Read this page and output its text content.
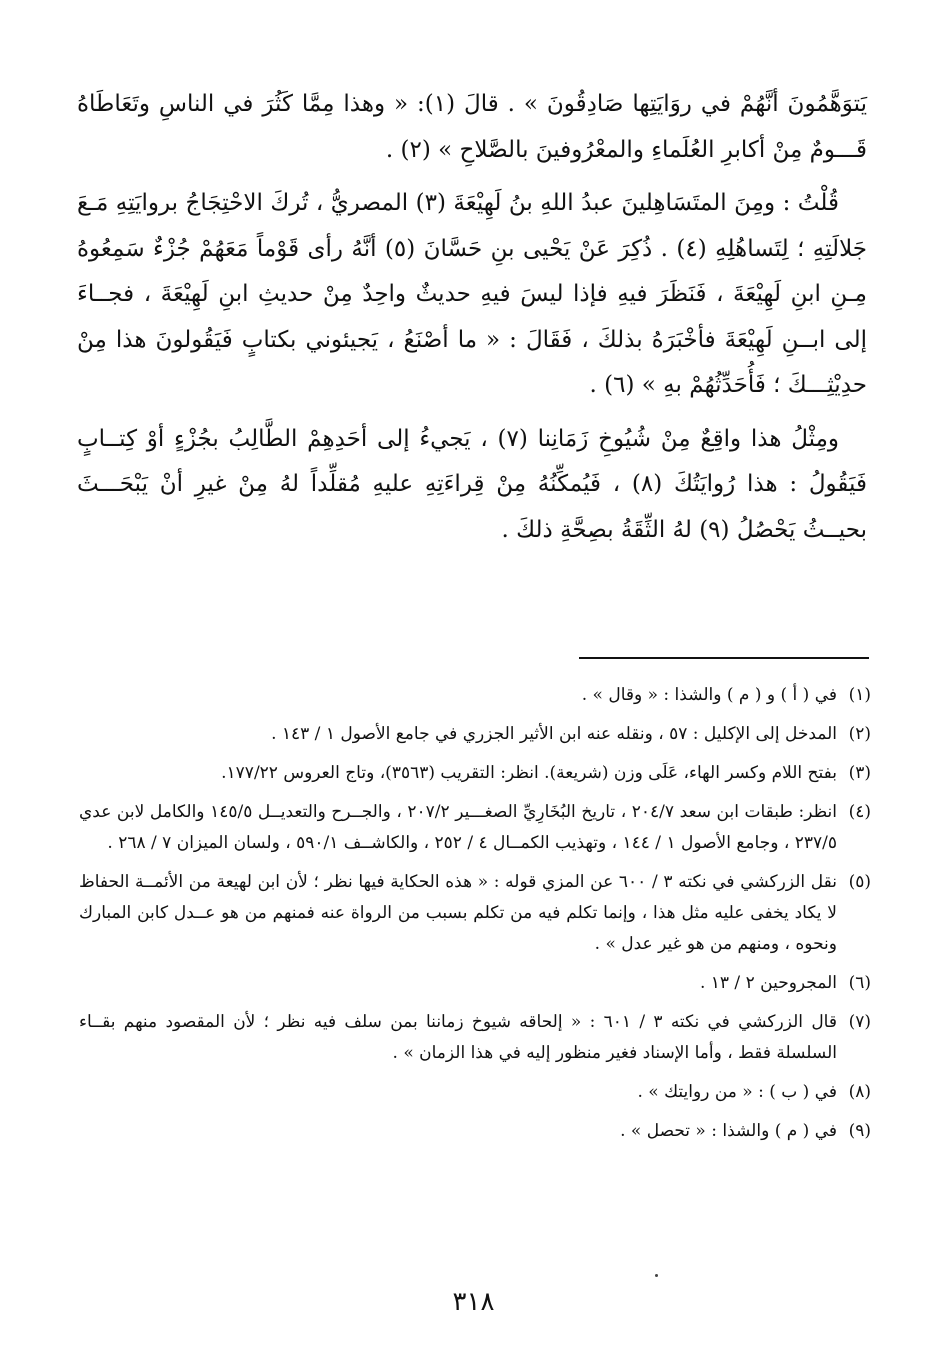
يَتوَهَّمُونَ أنَّهُمْ في روَايَتِها صَادِقُونَ » . قالَ (١): « وهذا مِمَّا كَثُرَ في الناسِ وتَعَاطَاهُ قَـــومٌ مِنْ أكابرِ العُلَماءِ والمعْرُوفينَ بالصَّلاحِ » (٢) .

قُلْتُ : ومِنَ المتَسَاهِلينَ عبدُ اللهِ بنُ لَهِيْعَةَ (٣) المصريُّ ، تُركَ الاحْتِجَاجُ بروايَتِهِ مَـعَ جَلالَتِهِ ؛ لِتَساهُلِهِ (٤) . ذُكِرَ عَنْ يَحْيى بنِ حَسَّانَ (٥) أنَّهُ رأى قَوْماً مَعَهُمْ جُزْءٌ سَمِعُوهُ مِـنِ ابنِ لَهِيْعَةَ ، فَنَظَرَ فيهِ فإذا ليسَ فيهِ حديثٌ واحِدٌ مِنْ حديثِ ابنِ لَهِيْعَةَ ، فجــاءَ إلى ابــنِ لَهِيْعَةَ فأخْبَرَهُ بذلكَ ، فَقَالَ : « ما أصْنَعُ ، يَجيئوني بكتابٍ فَيَقُولونَ هذا مِنْ حدِيْثِـــكَ ؛ فَأُحَدِّثُهُمْ بهِ » (٦) .

ومِثْلُ هذا واقِعٌ مِنْ شُيُوخِ زَمَانِنا (٧) ، يَجيءُ إلى أحَدِهِمْ الطَّالِبُ بجُزْءٍ أوْ كِتــابٍ فَيَقُولُ : هذا رُوايَتُكَ (٨) ، فَيُمكِّنُهُ مِنْ قِراءَتِهِ عليهِ مُقلِّداً لهُ مِنْ غيرِ أنْ يَبْحَـــثَ بحيــثُ يَحْصُلُ (٩) لهُ الثِّقَةُ بصِحَّةِ ذلكَ .

(١)
في ( أ ) و ( م ) والشذا : « وقال » .
(٢)
المدخل إلى الإكليل : ٥٧ ، ونقله عنه ابن الأثير الجزري في جامع الأصول ١ / ١٤٣ .
(٣)
بفتح اللام وكسر الهاء، عَلَى وزن (شريعة). انظر: التقريب (٣٥٦٣)، وتاج العروس ١٧٧/٢٢.
(٤)
انظر: طبقات ابن سعد ٢٠٤/٧ ، تاريخ البُخَارِيِّ الصغـــير ٢٠٧/٢ ، والجــرح والتعديــل ١٤٥/٥ والكامل لابن عدي ٢٣٧/٥ ، وجامع الأصول ١ / ١٤٤ ، وتهذيب الكمــال ٤ / ٢٥٢ ، والكاشــف ٥٩٠/١ ، ولسان الميزان ٧ / ٢٦٨ .
(٥)
نقل الزركشي في نكته ٣ / ٦٠٠ عن المزي قوله : « هذه الحكاية فيها نظر ؛ لأن ابن لهيعة من الأئمــة الحفاظ لا يكاد يخفى عليه مثل هذا ، وإنما تكلم فيه من تكلم بسبب من الرواة عنه فمنهم من هو عــدل كابن المبارك ونحوه ، ومنهم من هو غير عدل » .
(٦)
المجروحين ٢ / ١٣ .
(٧)
قال الزركشي في نكته ٣ / ٦٠١ : « إلحاقه شيوخ زماننا بمن سلف فيه نظر ؛ لأن المقصود منهم بقــاء السلسلة فقط ، وأما الإسناد فغير منظور إليه في هذا الزمان » .
(٨)
في ( ب ) : « من روايتك » .
(٩)
في ( م ) والشذا : « تحصل » .
٣١٨
